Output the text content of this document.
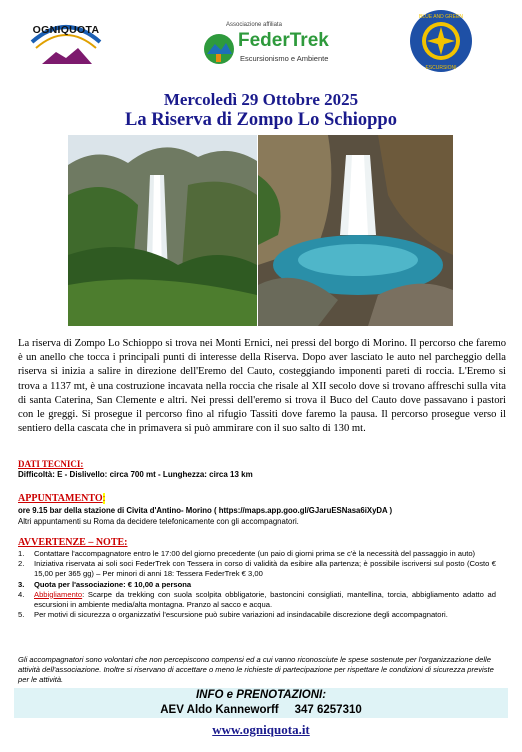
OGNIQUOTA	Associazione affiliata
FederTrek
Escursionismo e Ambiente
BLUE AND GREEN
ESCURSIONI
Mercoledì 29 Ottobre 2025
La Riserva di Zompo Lo Schioppo
La riserva di Zompo Lo Schioppo si trova nei Monti Ernici, nei pressi del borgo di Morino. Il percorso che faremo è un anello che tocca i principali punti di interesse della Riserva. Dopo aver lasciato le auto nel parcheggio della riserva si inizia a salire in direzione dell'Eremo del Cauto, costeggiando imponenti pareti di roccia. L'Eremo si trova a 1137 mt, è una costruzione incavata nella roccia che risale al XII secolo dove si trovano affreschi sulla vita di santa Caterina, San Clemente e altri. Nei pressi dell'eremo si trova il Buco del Cauto dove passavano i pastori con le greggi. Si prosegue il percorso fino al rifugio Tassiti dove faremo la pausa. Il percorso prosegue verso il sentiero della cascata che in primavera si può ammirare con il suo salto di 130 mt.
DATI TECNICI:
Difficoltà: E - Dislivello: circa 700 mt - Lunghezza: circa 13 km
APPUNTAMENTO:
ore 9.15 bar della stazione di Civita d'Antino- Morino ( https://maps.app.goo.gl/GJaruESNasa6iXyDA )
Altri appuntamenti su Roma da decidere telefonicamente con gli accompagnatori.
AVVERTENZE – NOTE:
1. Contattare l'accompagnatore entro le 17:00 del giorno precedente (un paio di giorni prima se c'è la necessità del passaggio in auto)
2. Iniziativa riservata ai soli soci FederTrek con Tessera in corso di validità da esibire alla partenza; è possibile iscriversi sul posto (Costo € 15,00 per 365 gg) – Per minori di anni 18: Tessera FederTrek € 3,00
3. Quota per l'associazione: € 10,00 a persona
4. Abbigliamento: Scarpe da trekking con suola scolpita obbligatorie, bastoncini consigliati, mantellina, torcia, abbigliamento adatto ad escursioni in ambiente media/alta montagna. Pranzo al sacco e acqua.
5. Per motivi di sicurezza o organizzativi l'escursione può subire variazioni ad insindacabile discrezione degli accompagnatori.
Gli accompagnatori sono volontari che non percepiscono compensi ed a cui vanno riconosciute le spese sostenute per l'organizzazione delle attività dell'associazione. Inoltre si riservano di accettare o meno le richieste di partecipazione per rispettare le condizioni di sicurezza previste per le attività.
INFO e PRENOTAZIONI:
AEV Aldo Kanneworff     347 6257310
www.ogniquota.it
